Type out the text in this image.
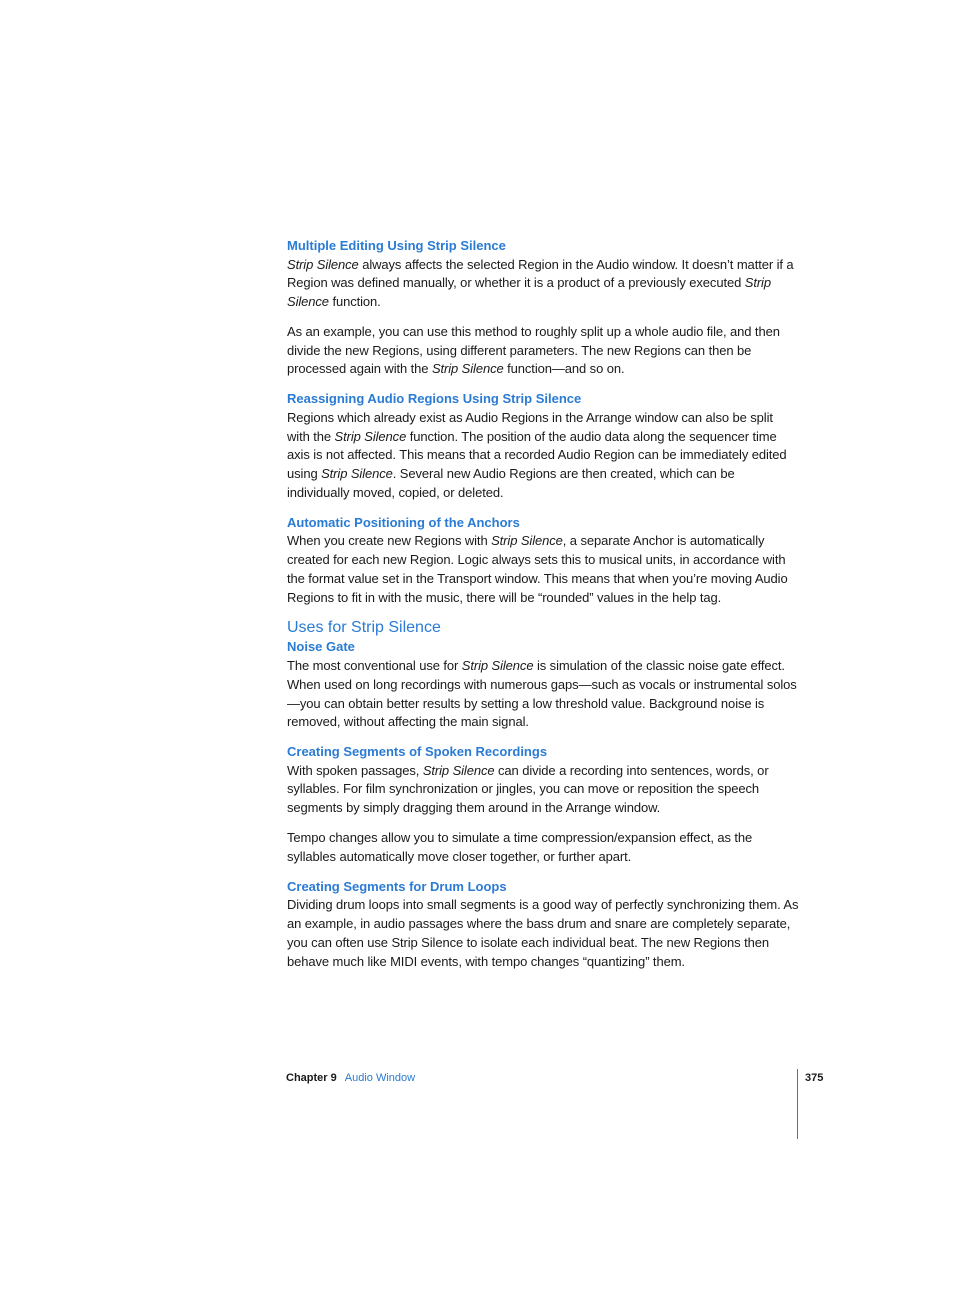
Multiple Editing Using Strip Silence

Strip Silence always affects the selected Region in the Audio window. It doesn’t matter if a Region was defined manually, or whether it is a product of a previously executed Strip Silence function.

As an example, you can use this method to roughly split up a whole audio file, and then divide the new Regions, using different parameters. The new Regions can then be processed again with the Strip Silence function—and so on.

Reassigning Audio Regions Using Strip Silence

Regions which already exist as Audio Regions in the Arrange window can also be split with the Strip Silence function. The position of the audio data along the sequencer time axis is not affected. This means that a recorded Audio Region can be immediately edited using Strip Silence. Several new Audio Regions are then created, which can be individually moved, copied, or deleted.

Automatic Positioning of the Anchors

When you create new Regions with Strip Silence, a separate Anchor is automatically created for each new Region. Logic always sets this to musical units, in accordance with the format value set in the Transport window. This means that when you’re moving Audio Regions to fit in with the music, there will be “rounded” values in the help tag.

Uses for Strip Silence
Noise Gate

The most conventional use for Strip Silence is simulation of the classic noise gate effect. When used on long recordings with numerous gaps—such as vocals or instrumental solos—you can obtain better results by setting a low threshold value. Background noise is removed, without affecting the main signal.

Creating Segments of Spoken Recordings

With spoken passages, Strip Silence can divide a recording into sentences, words, or syllables. For film synchronization or jingles, you can move or reposition the speech segments by simply dragging them around in the Arrange window.

Tempo changes allow you to simulate a time compression/expansion effect, as the syllables automatically move closer together, or further apart.

Creating Segments for Drum Loops

Dividing drum loops into small segments is a good way of perfectly synchronizing them. As an example, in audio passages where the bass drum and snare are completely separate, you can often use Strip Silence to isolate each individual beat. The new Regions then behave much like MIDI events, with tempo changes “quantizing” them.

Chapter 9 Audio Window	375
